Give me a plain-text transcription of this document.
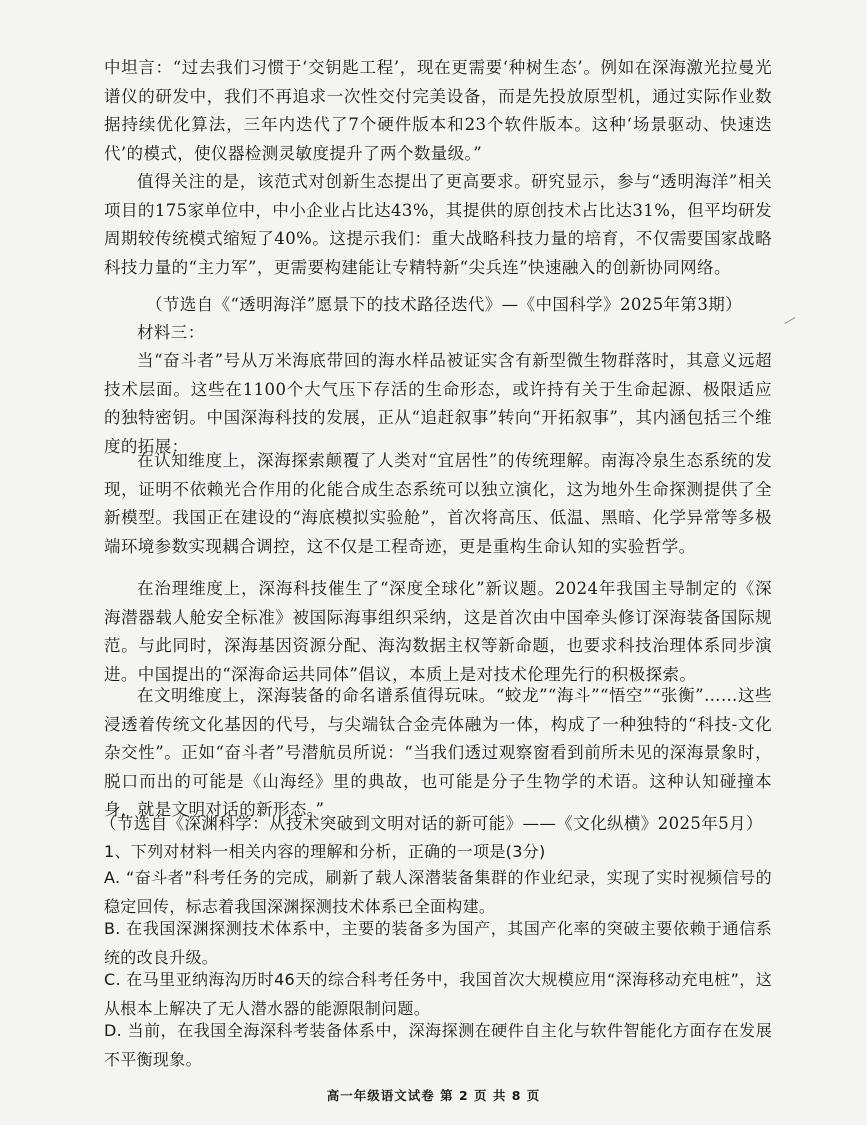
中坦言：“过去我们习惯于‘交钥匙工程’，现在更需要‘种树生态’。例如在深海激光拉曼光谱仪的研发中，我们不再追求一次性交付完美设备，而是先投放原型机，通过实际作业数据持续优化算法，三年内迭代了7个硬件版本和23个软件版本。这种‘场景驱动、快速迭代’的模式，使仪器检测灵敏度提升了两个数量级。”

值得关注的是，该范式对创新生态提出了更高要求。研究显示，参与“透明海洋”相关项目的175家单位中，中小企业占比达43%，其提供的原创技术占比达31%，但平均研发周期较传统模式缩短了40%。这提示我们：重大战略科技力量的培育，不仅需要国家战略科技力量的“主力军”，更需要构建能让专精特新“尖兵连”快速融入的创新协同网络。

（节选自《“透明海洋”愿景下的技术路径迭代》—《中国科学》2025年第3期）

材料三：

当“奋斗者”号从万米海底带回的海水样品被证实含有新型微生物群落时，其意义远超技术层面。这些在1100个大气压下存活的生命形态，或许持有关于生命起源、极限适应的独特密钥。中国深海科技的发展，正从“追赶叙事”转向“开拓叙事”，其内涵包括三个维度的拓展：

在认知维度上，深海探索颠覆了人类对“宜居性”的传统理解。南海冷泉生态系统的发现，证明不依赖光合作用的化能合成生态系统可以独立演化，这为地外生命探测提供了全新模型。我国正在建设的“海底模拟实验舱”，首次将高压、低温、黑暗、化学异常等多极端环境参数实现耦合调控，这不仅是工程奇迹，更是重构生命认知的实验哲学。

在治理维度上，深海科技催生了“深度全球化”新议题。2024年我国主导制定的《深海潜器载人舱安全标准》被国际海事组织采纳，这是首次由中国牵头修订深海装备国际规范。与此同时，深海基因资源分配、海沟数据主权等新命题，也要求科技治理体系同步演进。中国提出的“深海命运共同体”倡议，本质上是对技术伦理先行的积极探索。

在文明维度上，深海装备的命名谱系值得玩味。“蛟龙”“海斗”“悟空”“张衡”……这些浸透着传统文化基因的代号，与尖端钛合金壳体融为一体，构成了一种独特的“科技-文化杂交性”。正如“奋斗者”号潜航员所说：“当我们透过观察窗看到前所未见的深海景象时，脱口而出的可能是《山海经》里的典故，也可能是分子生物学的术语。这种认知碰撞本身，就是文明对话的新形态。”

（节选自《深渊科学：从技术突破到文明对话的新可能》——《文化纵横》2025年5月）

1、下列对材料一相关内容的理解和分析，正确的一项是(3分)

A. “奋斗者”科考任务的完成，刷新了载人深潜装备集群的作业纪录，实现了实时视频信号的稳定回传，标志着我国深渊探测技术体系已全面构建。

B. 在我国深渊探测技术体系中，主要的装备多为国产，其国产化率的突破主要依赖于通信系统的改良升级。

C. 在马里亚纳海沟历时46天的综合科考任务中，我国首次大规模应用“深海移动充电桩”，这从根本上解决了无人潜水器的能源限制问题。

D. 当前，在我国全海深科考装备体系中，深海探测在硬件自主化与软件智能化方面存在发展不平衡现象。

高一年级语文试卷 第 2 页 共 8 页
